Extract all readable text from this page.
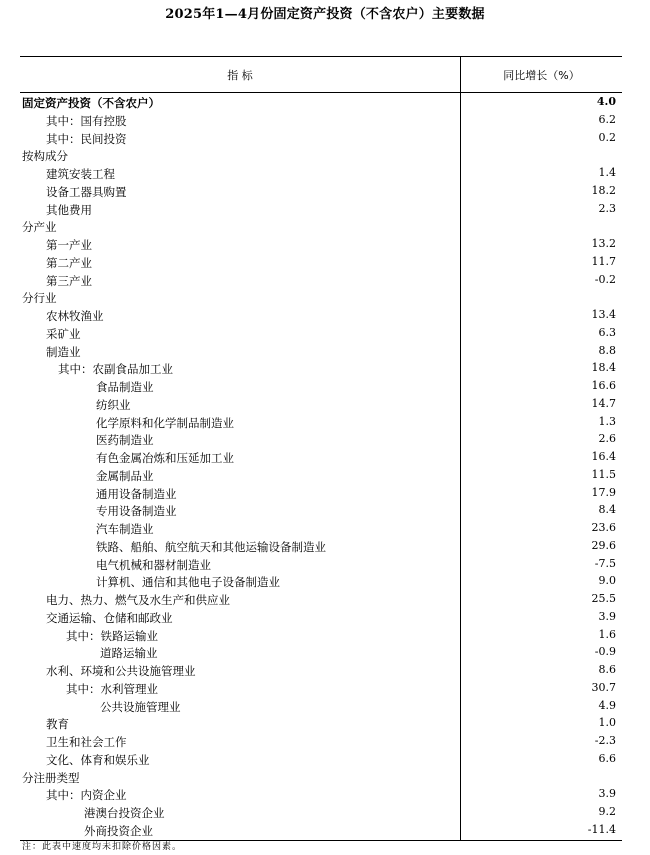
2025年1—4月份固定资产投资（不含农户）主要数据
指 标	同比增长（%）
固定资产投资（不含农户）	4.0
其中：国有控股	6.2
其中：民间投资	0.2
按构成分
建筑安装工程	1.4
设备工器具购置	18.2
其他费用	2.3
分产业
第一产业	13.2
第二产业	11.7
第三产业	-0.2
分行业
农林牧渔业	13.4
采矿业	6.3
制造业	8.8
其中：农副食品加工业	18.4
食品制造业	16.6
纺织业	14.7
化学原料和化学制品制造业	1.3
医药制造业	2.6
有色金属冶炼和压延加工业	16.4
金属制品业	11.5
通用设备制造业	17.9
专用设备制造业	8.4
汽车制造业	23.6
铁路、船舶、航空航天和其他运输设备制造业	29.6
电气机械和器材制造业	-7.5
计算机、通信和其他电子设备制造业	9.0
电力、热力、燃气及水生产和供应业	25.5
交通运输、仓储和邮政业	3.9
其中：铁路运输业	1.6
道路运输业	-0.9
水利、环境和公共设施管理业	8.6
其中：水利管理业	30.7
公共设施管理业	4.9
教育	1.0
卫生和社会工作	-2.3
文化、体育和娱乐业	6.6
分注册类型
其中：内资企业	3.9
港澳台投资企业	9.2
外商投资企业	-11.4
注：此表中速度均未扣除价格因素。
